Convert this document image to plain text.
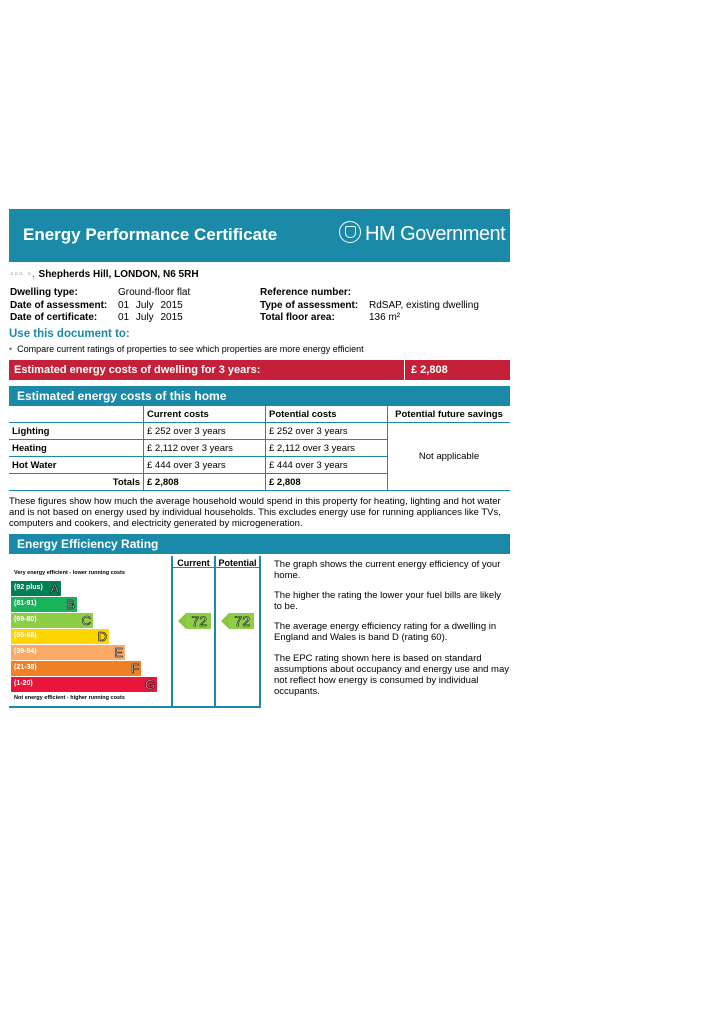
Energy Performance Certificate	HM Government
▫▫▫ ▫, Shepherds Hill, LONDON, N6 5RH
Dwelling type:	Ground-floor flat
Date of assessment: 01 July 2015
Date of certificate: 01 July 2015
Reference number:
Type of assessment: RdSAP, existing dwelling
Total floor area:	136 m²
Use this document to:
• Compare current ratings of properties to see which properties are more energy efficient
Estimated energy costs of dwelling for 3 years:	£ 2,808
Estimated energy costs of this home
	Current costs	Potential costs	Potential future savings
Lighting	£ 252 over 3 years	£ 252 over 3 years	Not applicable
Heating	£ 2,112 over 3 years	£ 2,112 over 3 years	
Hot Water	£ 444 over 3 years	£ 444 over 3 years	
Totals	£ 2,808	£ 2,808	
These figures show how much the average household would spend in this property for heating, lighting and hot water and is not based on energy used by individual households. This excludes energy use for running appliances like TVs, computers and cookers, and electricity generated by microgeneration.
Energy Efficiency Rating
Current Potential
Very energy efficient - lower running costs
Not energy efficient - higher running costs
(92 plus) A
(81-91) B
(69-80)	C
(55-68)	D
(39-54)	E
(21-38)	F
(1-20)	G
72 72
The graph shows the current energy efficiency of your home.
The higher the rating the lower your fuel bills are likely to be.
The average energy efficiency rating for a dwelling in England and Wales is band D (rating 60).
The EPC rating shown here is based on standard assumptions about occupancy and energy use and may not reflect how energy is consumed by individual occupants.
